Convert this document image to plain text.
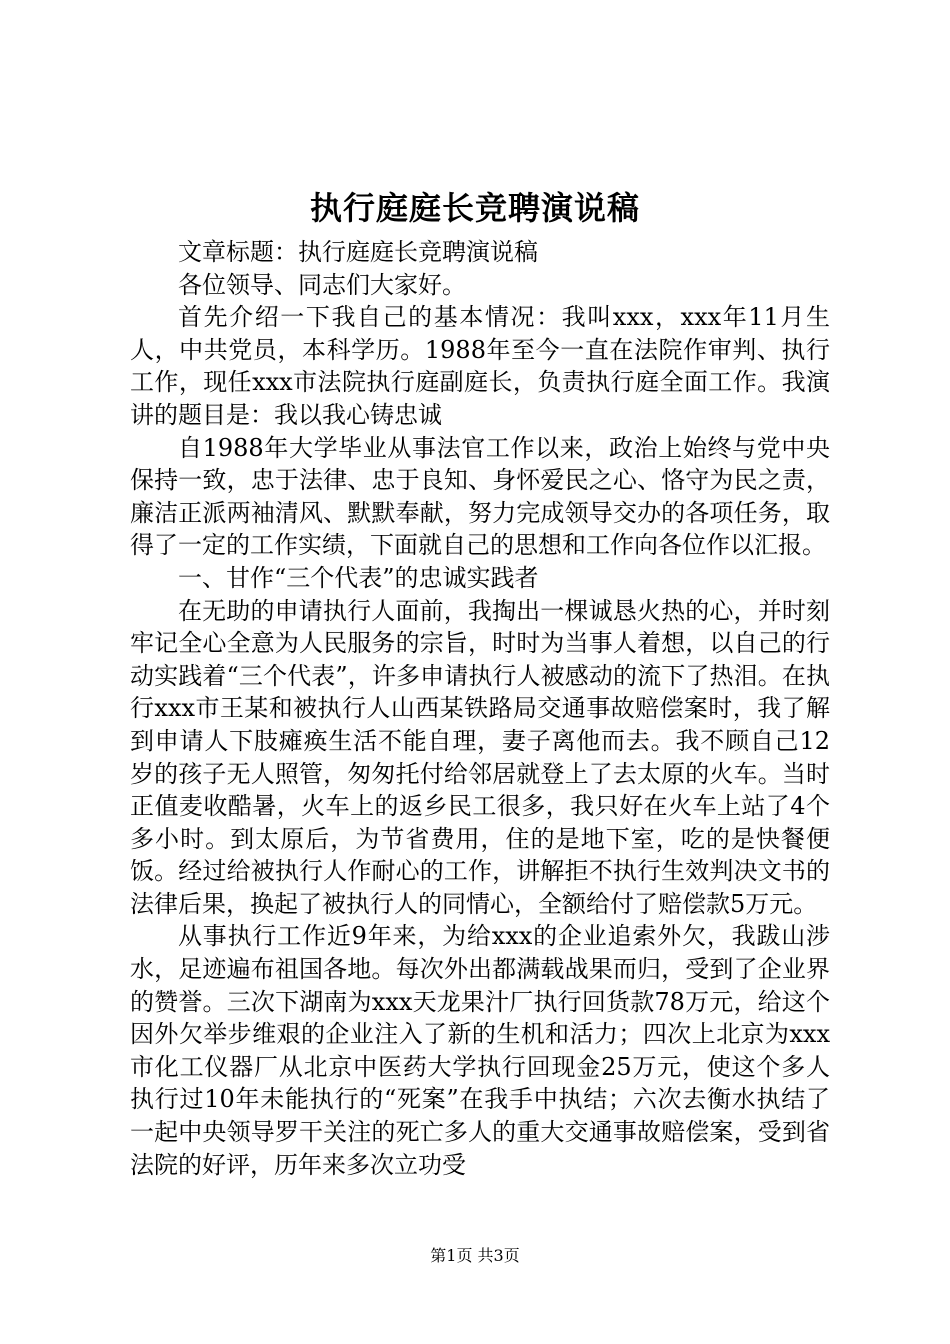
执行庭庭长竞聘演说稿

文章标题：执行庭庭长竞聘演说稿

各位领导、同志们大家好。

首先介绍一下我自己的基本情况：我叫xxx，xxx年11月生人，中共党员，本科学历。1988年至今一直在法院作审判、执行工作，现任xxx市法院执行庭副庭长，负责执行庭全面工作。我演讲的题目是：我以我心铸忠诚

自1988年大学毕业从事法官工作以来，政治上始终与党中央保持一致，忠于法律、忠于良知、身怀爱民之心、恪守为民之责，廉洁正派两袖清风、默默奉献，努力完成领导交办的各项任务，取得了一定的工作实绩，下面就自己的思想和工作向各位作以汇报。

一、甘作“三个代表”的忠诚实践者

在无助的申请执行人面前，我掏出一棵诚恳火热的心，并时刻牢记全心全意为人民服务的宗旨，时时为当事人着想，以自己的行动实践着“三个代表”，许多申请执行人被感动的流下了热泪。在执行xxx市王某和被执行人山西某铁路局交通事故赔偿案时，我了解到申请人下肢瘫痪生活不能自理，妻子离他而去。我不顾自己12岁的孩子无人照管，匆匆托付给邻居就登上了去太原的火车。当时正值麦收酷暑，火车上的返乡民工很多，我只好在火车上站了4个多小时。到太原后，为节省费用，住的是地下室，吃的是快餐便饭。经过给被执行人作耐心的工作，讲解拒不执行生效判决文书的法律后果，换起了被执行人的同情心，全额给付了赔偿款5万元。

从事执行工作近9年来，为给xxx的企业追索外欠，我跋山涉水，足迹遍布祖国各地。每次外出都满载战果而归，受到了企业界的赞誉。三次下湖南为xxx天龙果汁厂执行回货款78万元，给这个因外欠举步维艰的企业注入了新的生机和活力；四次上北京为xxx市化工仪器厂从北京中医药大学执行回现金25万元，使这个多人执行过10年未能执行的“死案”在我手中执结；六次去衡水执结了一起中央领导罗干关注的死亡多人的重大交通事故赔偿案，受到省法院的好评，历年来多次立功受

第1页 共3页
